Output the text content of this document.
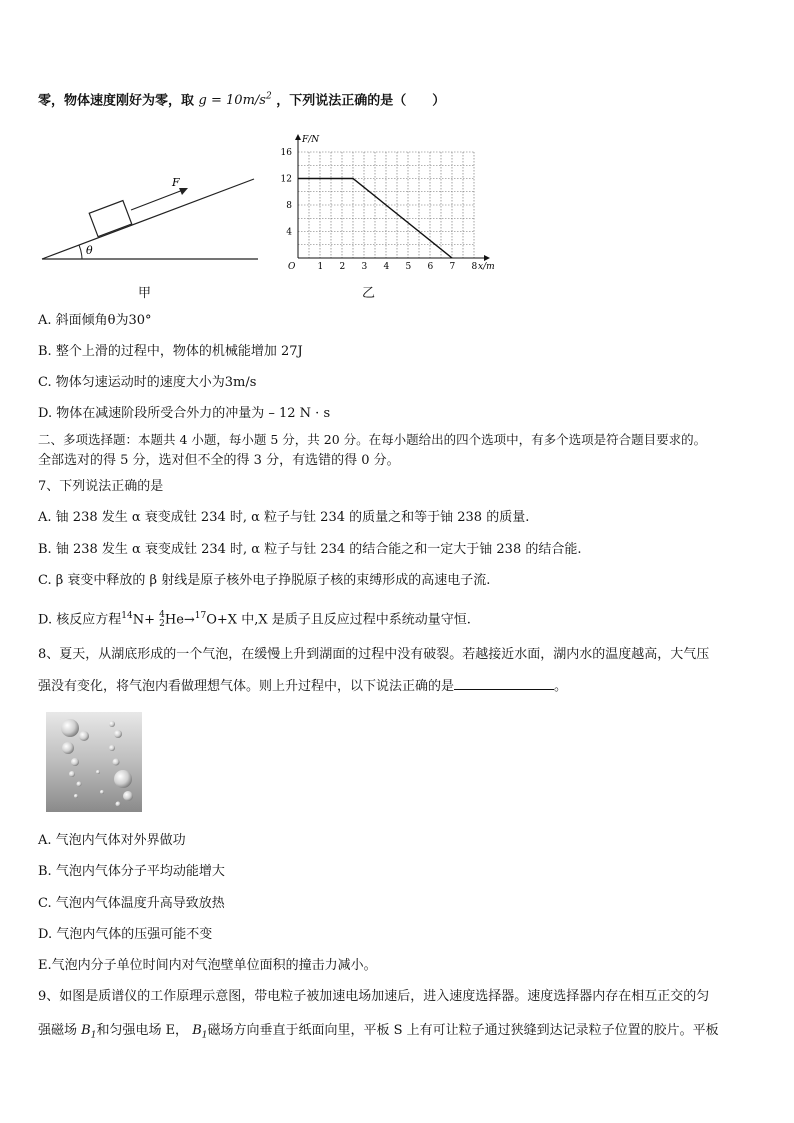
零，物体速度刚好为零，取 $g = 10m/s^2$ ，下列说法正确的是（　　）
θ
F
甲
F/N
x/m
O 1 2 3 4 5 6 7 8
4
8
12
16
乙
A. 斜面倾角θ为30°
B. 整个上滑的过程中，物体的机械能增加 27J
C. 物体匀速运动时的速度大小为3m/s
D. 物体在减速阶段所受合外力的冲量为 – 12 N · s
二、多项选择题：本题共 4 小题，每小题 5 分，共 20 分。在每小题给出的四个选项中，有多个选项是符合题目要求的。
全部选对的得 5 分，选对但不全的得 3 分，有选错的得 0 分。
7、下列说法正确的是
A. 铀 238 发生 α 衰变成钍 234 时, α 粒子与钍 234 的质量之和等于铀 238 的质量.
B. 铀 238 发生 α 衰变成钍 234 时, α 粒子与钍 234 的结合能之和一定大于铀 238 的结合能.
C. β 衰变中释放的 β 射线是原子核外电子挣脱原子核的束缚形成的高速电子流.
D. 核反应方程$^{14}$N+ 4
2 He→$^{17}$O+X 中,X 是质子且反应过程中系统动量守恒.
8、夏天，从湖底形成的一个气泡，在缓慢上升到湖面的过程中没有破裂。若越接近水面，湖内水的温度越高，大气压
强没有变化，将气泡内看做理想气体。则上升过程中，以下说法正确的是	。
A. 气泡内气体对外界做功
B. 气泡内气体分子平均动能增大
C. 气泡内气体温度升高导致放热
D. 气泡内气体的压强可能不变
E.气泡内分子单位时间内对气泡壁单位面积的撞击力减小。
9、如图是质谱仪的工作原理示意图，带电粒子被加速电场加速后，进入速度选择器。速度选择器内存在相互正交的匀
强磁场 $B_1$和匀强电场 E， $B_1$磁场方向垂直于纸面向里，平板 S 上有可让粒子通过狭缝到达记录粒子位置的胶片。平板
